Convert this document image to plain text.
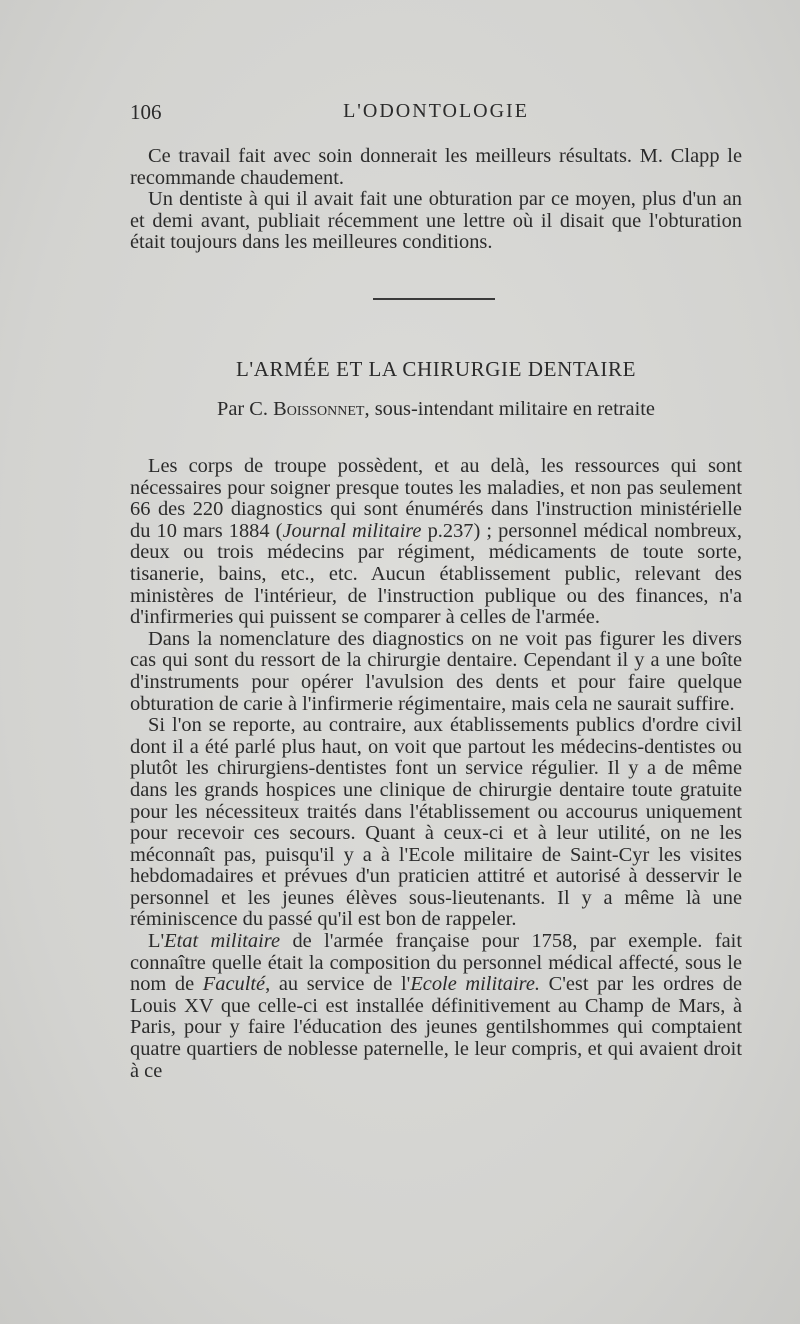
106	L'ODONTOLOGIE

Ce travail fait avec soin donnerait les meilleurs résultats. M. Clapp le recommande chaudement.

Un dentiste à qui il avait fait une obturation par ce moyen, plus d'un an et demi avant, publiait récemment une lettre où il disait que l'obturation était toujours dans les meilleures conditions.

L'ARMÉE ET LA CHIRURGIE DENTAIRE
Par C. Boissonnet, sous-intendant militaire en retraite

Les corps de troupe possèdent, et au delà, les ressources qui sont nécessaires pour soigner presque toutes les maladies, et non pas seulement 66 des 220 diagnostics qui sont énumérés dans l'instruction ministérielle du 10 mars 1884 (Journal militaire p.237) ; personnel médical nombreux, deux ou trois médecins par régiment, médicaments de toute sorte, tisanerie, bains, etc., etc. Aucun établissement public, relevant des ministères de l'intérieur, de l'instruction publique ou des finances, n'a d'infirmeries qui puissent se comparer à celles de l'armée.

Dans la nomenclature des diagnostics on ne voit pas figurer les divers cas qui sont du ressort de la chirurgie dentaire. Cependant il y a une boîte d'instruments pour opérer l'avulsion des dents et pour faire quelque obturation de carie à l'infirmerie régimentaire, mais cela ne saurait suffire.

Si l'on se reporte, au contraire, aux établissements publics d'ordre civil dont il a été parlé plus haut, on voit que partout les médecins-dentistes ou plutôt les chirurgiens-dentistes font un service régulier. Il y a de même dans les grands hospices une clinique de chirurgie dentaire toute gratuite pour les nécessiteux traités dans l'établissement ou accourus uniquement pour recevoir ces secours. Quant à ceux-ci et à leur utilité, on ne les méconnaît pas, puisqu'il y a à l'Ecole militaire de Saint-Cyr les visites hebdomadaires et prévues d'un praticien attitré et autorisé à desservir le personnel et les jeunes élèves sous-lieutenants. Il y a même là une réminiscence du passé qu'il est bon de rappeler.

L'Etat militaire de l'armée française pour 1758, par exemple. fait connaître quelle était la composition du personnel médical affecté, sous le nom de Faculté, au service de l'Ecole militaire. C'est par les ordres de Louis XV que celle-ci est installée définitivement au Champ de Mars, à Paris, pour y faire l'éducation des jeunes gentilshommes qui comptaient quatre quartiers de noblesse paternelle, le leur compris, et qui avaient droit à ce
